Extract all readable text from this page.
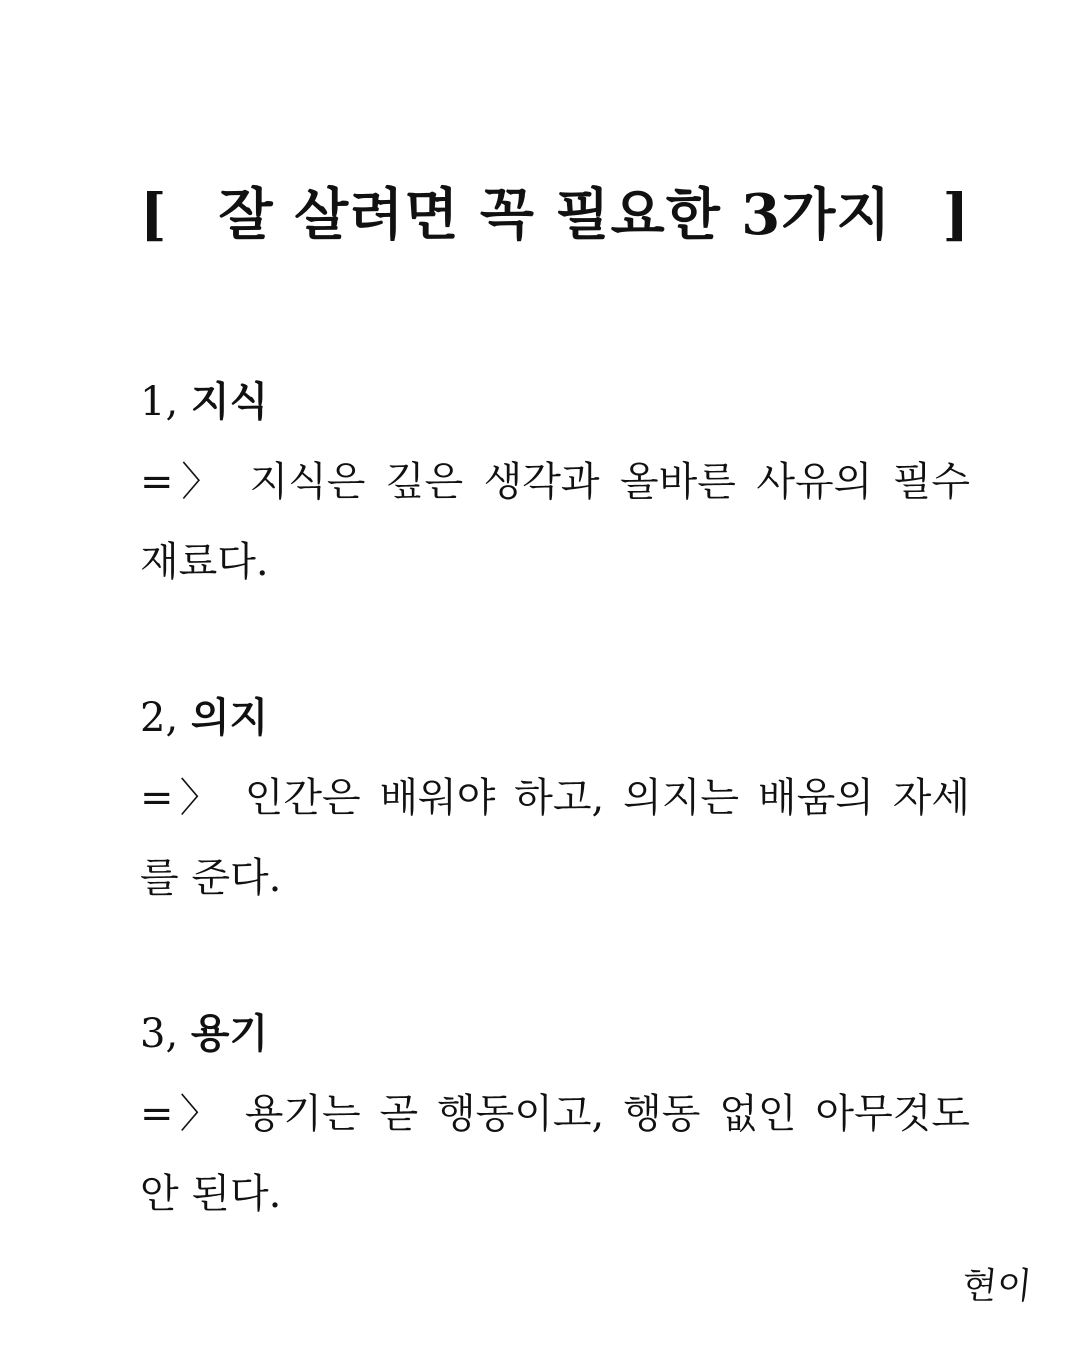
[ 잘 살려면 꼭 필요한 3가지 ]
1, 지식
=〉 지식은 깊은 생각과 올바른 사유의 필수
재료다.
2, 의지
=〉 인간은 배워야 하고, 의지는 배움의 자세
를 준다.
3, 용기
=〉 용기는 곧 행동이고, 행동 없인 아무것도
안 된다.
현이
